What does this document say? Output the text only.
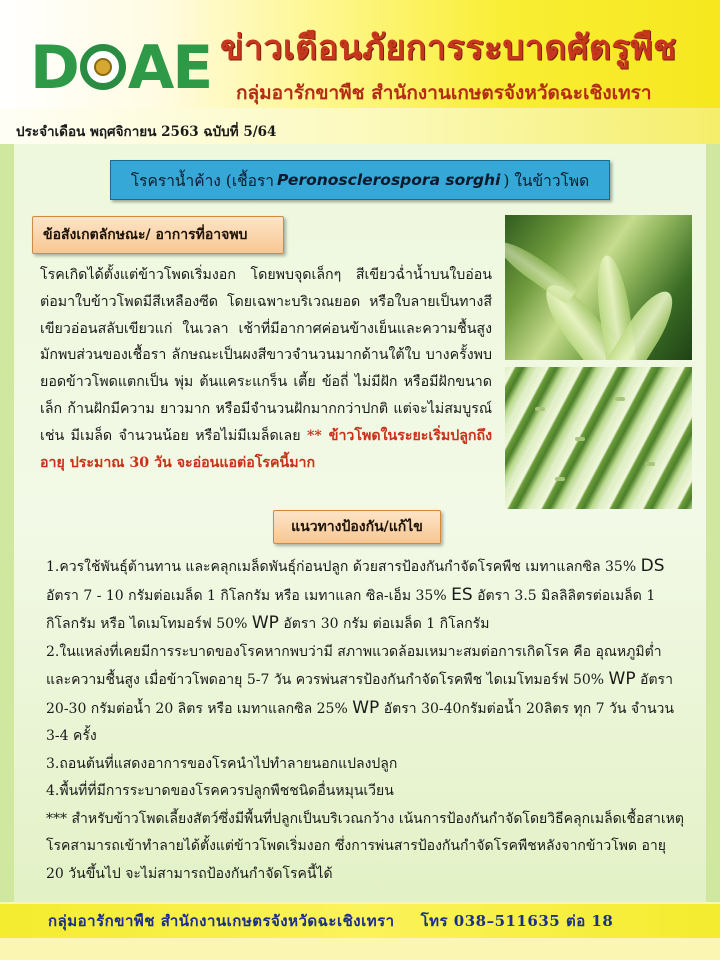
D AE ข่าวเตือนภัยการระบาดศัตรูพืช
กลุ่มอารักขาพืช สำนักงานเกษตรจังหวัดฉะเชิงเทรา
ประจำเดือน พฤศจิกายน 2563 ฉบับที่ 5/64
โรคราน้ำค้าง (เชื้อรา Peronosclerospora sorghi ) ในข้าวโพด
ข้อสังเกตลักษณะ/ อาการที่อาจพบ

โรคเกิดได้ตั้งแต่ข้าวโพดเริ่มงอก โดยพบจุดเล็กๆ สีเขียวฉ่ำน้ำบนใบอ่อน ต่อมาใบข้าวโพดมีสีเหลืองซีด โดยเฉพาะบริเวณยอด หรือใบลายเป็นทางสีเขียวอ่อนสลับเขียวแก่ ในเวลา เช้าที่มีอากาศค่อนข้างเย็นและความชื้นสูง มักพบส่วนของเชื้อรา ลักษณะเป็นผงสีขาวจำนวนมากด้านใต้ใบ บางครั้งพบยอดข้าวโพดแตกเป็น พุ่ม ต้นแคระแกร็น เตี้ย ข้อถี่ ไม่มีฝัก หรือมีฝักขนาดเล็ก ก้านฝักมีความ ยาวมาก หรือมีจำนวนฝักมากกว่าปกติ แต่จะไม่สมบูรณ์ เช่น มีเมล็ด จำนวนน้อย หรือไม่มีเมล็ดเลย ** ข้าวโพดในระยะเริ่มปลูกถึงอายุ ประมาณ 30 วัน จะอ่อนแอต่อโรคนี้มาก

แนวทางป้องกัน/แก้ไข
1.ควรใช้พันธุ์ต้านทาน และคลุกเมล็ดพันธุ์ก่อนปลูก ด้วยสารป้องกันกำจัดโรคพืช เมทาแลกซิล 35% DS อัตรา 7 - 10 กรัมต่อเมล็ด 1 กิโลกรัม หรือ เมทาแลก ซิล-เอ็ม 35% ES อัตรา 3.5 มิลลิลิตรต่อเมล็ด 1 กิโลกรัม หรือ ไดเมโทมอร์ฟ 50% WP อัตรา 30 กรัม ต่อเมล็ด 1 กิโลกรัม
2.ในแหล่งที่เคยมีการระบาดของโรคหากพบว่ามี สภาพแวดล้อมเหมาะสมต่อการเกิดโรค คือ อุณหภูมิต่ำ และความชื้นสูง เมื่อข้าวโพดอายุ 5-7 วัน ควรพ่นสารป้องกันกำจัดโรคพืช ไดเมโทมอร์ฟ 50% WP อัตรา 20-30 กรัมต่อน้ำ 20 ลิตร หรือ เมทาแลกซิล 25% WP อัตรา 30-40กรัมต่อน้ำ 20ลิตร ทุก 7 วัน จำนวน 3-4 ครั้ง
3.ถอนต้นที่แสดงอาการของโรคนำไปทำลายนอกแปลงปลูก
4.พื้นที่ที่มีการระบาดของโรคควรปลูกพืชชนิดอื่นหมุนเวียน
*** สำหรับข้าวโพดเลี้ยงสัตว์ซึ่งมีพื้นที่ปลูกเป็นบริเวณกว้าง เน้นการป้องกันกำจัดโดยวิธีคลุกเมล็ดเชื้อสาเหตุโรคสามารถเข้าทำลายได้ตั้งแต่ข้าวโพดเริ่มงอก ซึ่งการพ่นสารป้องกันกำจัดโรคพืชหลังจากข้าวโพด อายุ 20 วันขึ้นไป จะไม่สามารถป้องกันกำจัดโรคนี้ได้
กลุ่มอารักขาพืช สำนักงานเกษตรจังหวัดฉะเชิงเทรา โทร 038–511635 ต่อ 18
